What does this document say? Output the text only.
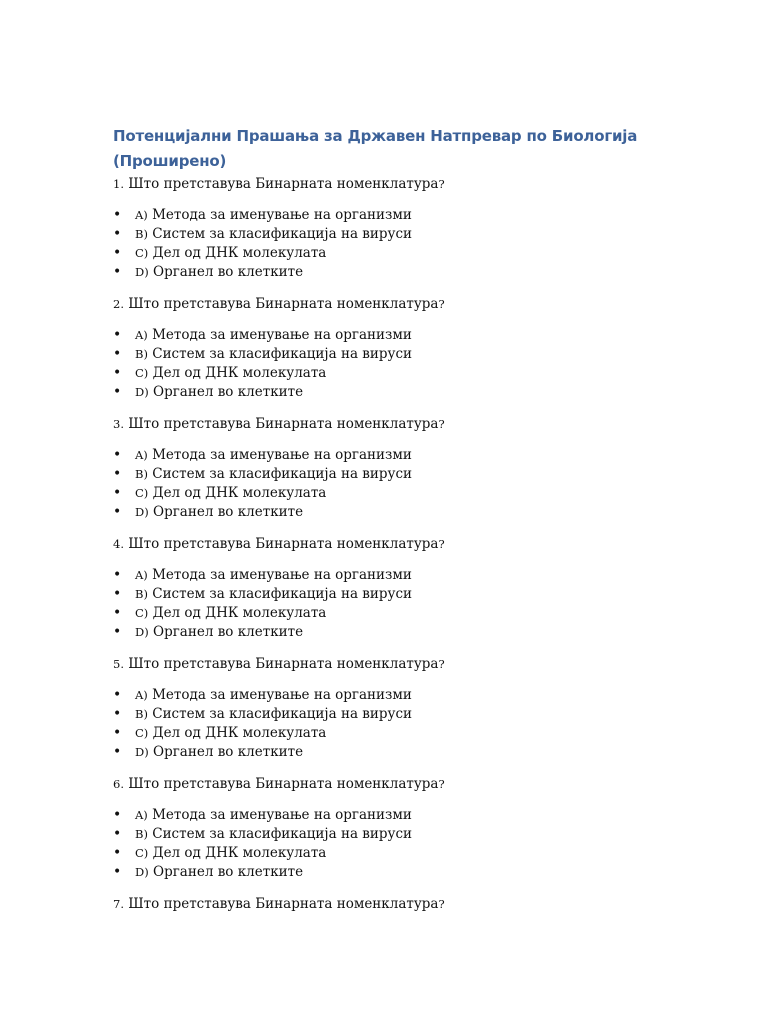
Потенцијални Прашања за Државен Натпревар по Биологија (Проширено)

1. Што претставува Бинарната номенклатура?

• A) Метода за именување на организми
• B) Систем за класификација на вируси
• C) Дел од ДНК молекулата
• D) Органел во клетките

2. Што претставува Бинарната номенклатура?

• A) Метода за именување на организми
• B) Систем за класификација на вируси
• C) Дел од ДНК молекулата
• D) Органел во клетките

3. Што претставува Бинарната номенклатура?

• A) Метода за именување на организми
• B) Систем за класификација на вируси
• C) Дел од ДНК молекулата
• D) Органел во клетките

4. Што претставува Бинарната номенклатура?

• A) Метода за именување на организми
• B) Систем за класификација на вируси
• C) Дел од ДНК молекулата
• D) Органел во клетките

5. Што претставува Бинарната номенклатура?

• A) Метода за именување на организми
• B) Систем за класификација на вируси
• C) Дел од ДНК молекулата
• D) Органел во клетките

6. Што претставува Бинарната номенклатура?

• A) Метода за именување на организми
• B) Систем за класификација на вируси
• C) Дел од ДНК молекулата
• D) Органел во клетките

7. Што претставува Бинарната номенклатура?
